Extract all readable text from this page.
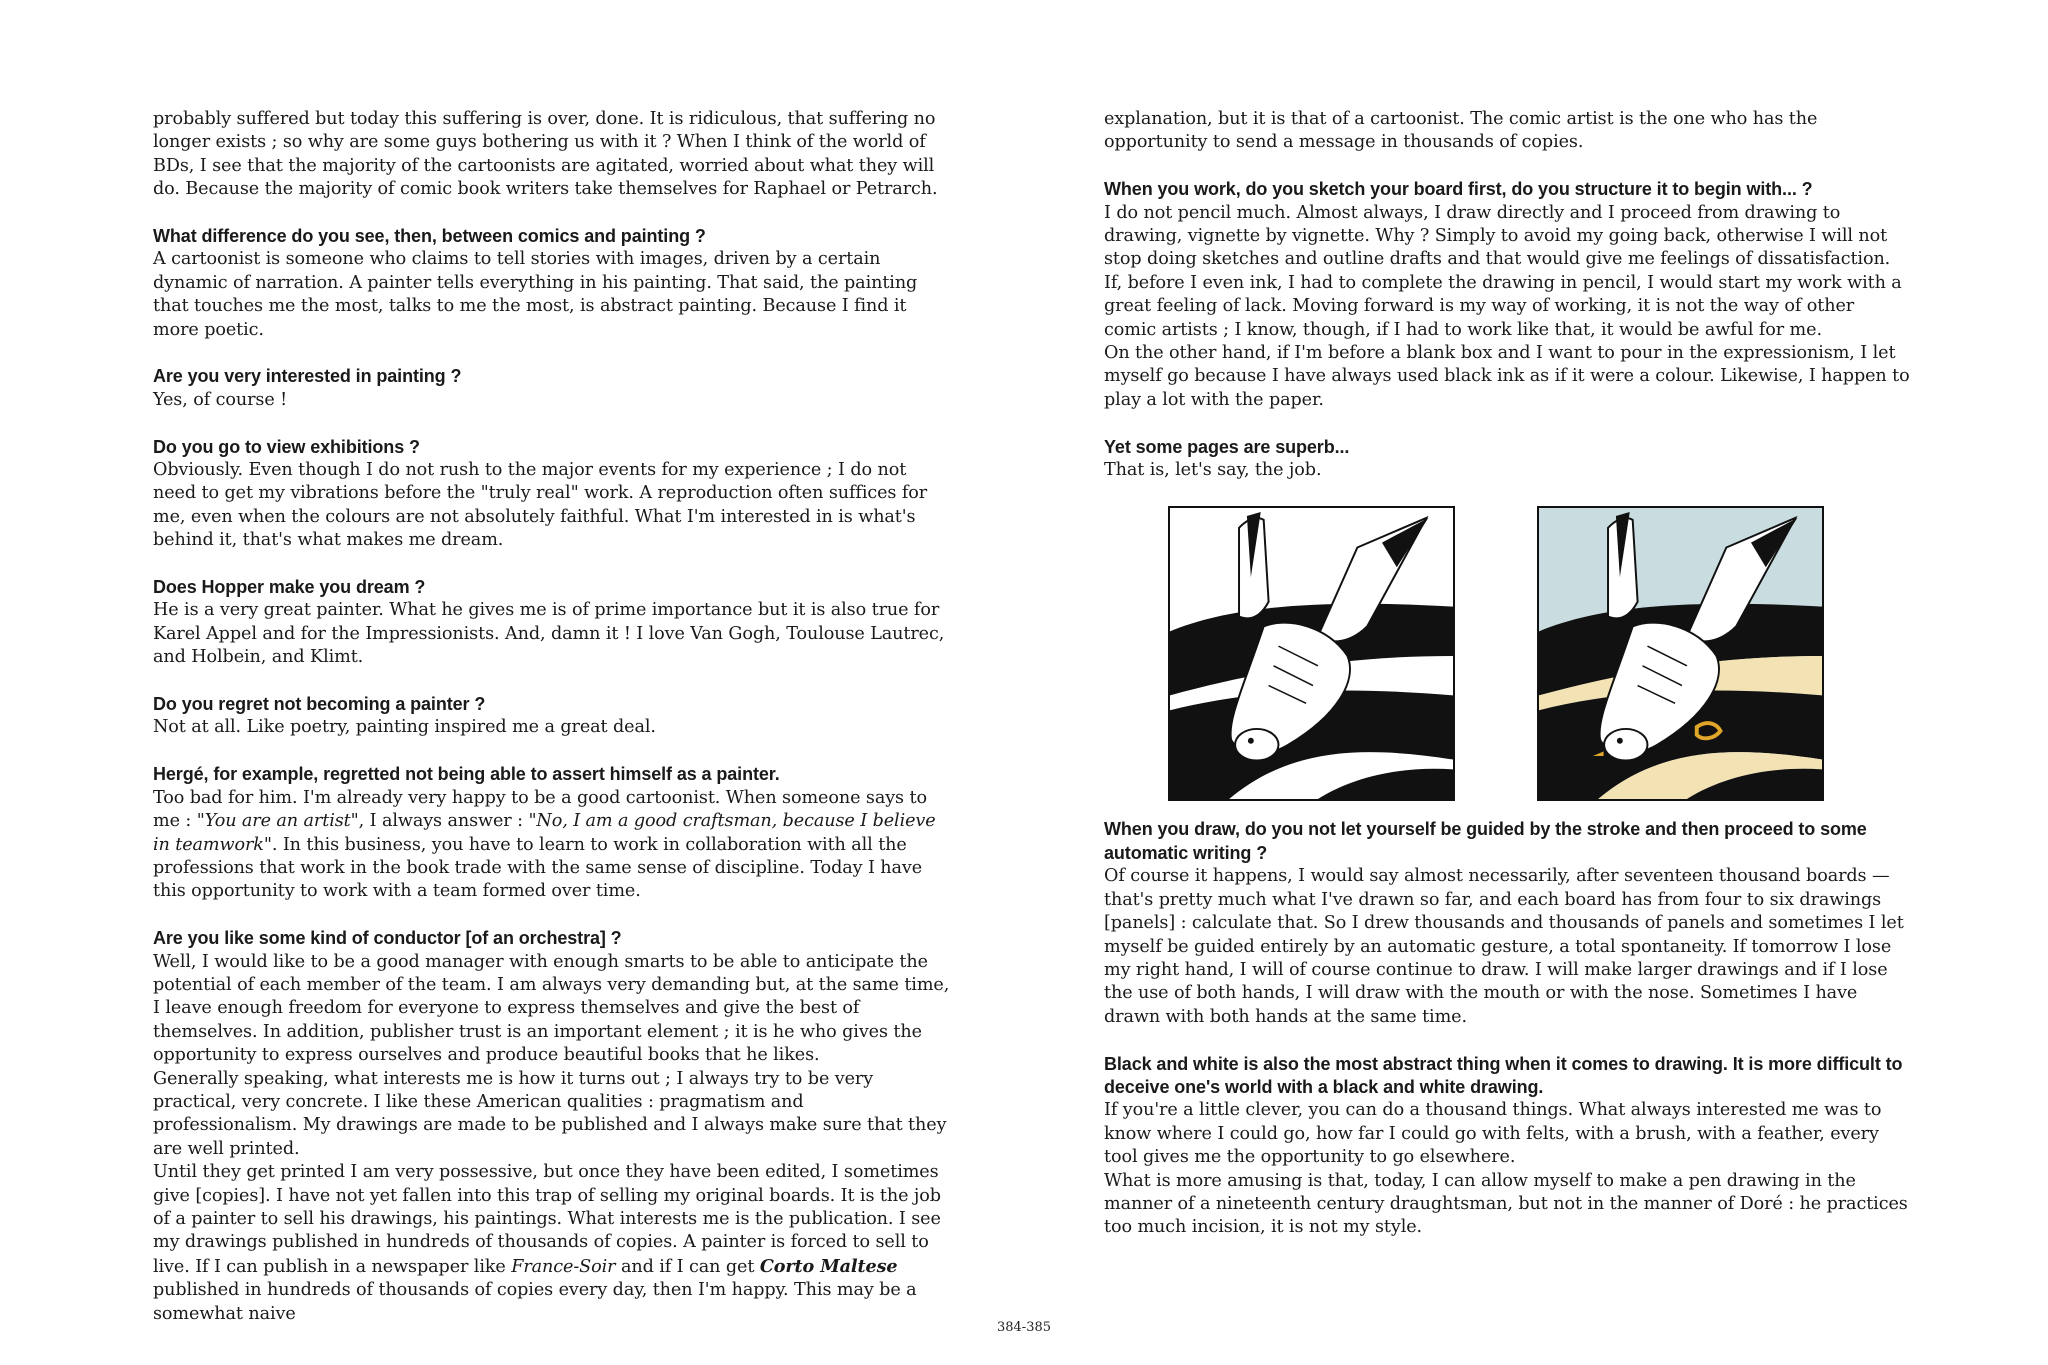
probably suffered but today this suffering is over, done. It is ridiculous, that suffering no longer exists ; so why are some guys bothering us with it ? When I think of the world of BDs, I see that the majority of the cartoonists are agitated, worried about what they will do. Because the majority of comic book writers take themselves for Raphael or Petrarch.

What difference do you see, then, between comics and painting ?

A cartoonist is someone who claims to tell stories with images, driven by a certain dynamic of narration. A painter tells everything in his painting. That said, the painting that touches me the most, talks to me the most, is abstract painting. Because I find it more poetic.

Are you very interested in painting ?

Yes, of course !

Do you go to view exhibitions ?

Obviously. Even though I do not rush to the major events for my experience ; I do not need to get my vibrations before the "truly real" work. A reproduction often suffices for me, even when the colours are not absolutely faithful. What I'm interested in is what's behind it, that's what makes me dream.

Does Hopper make you dream ?

He is a very great painter. What he gives me is of prime importance but it is also true for Karel Appel and for the Impressionists. And, damn it ! I love Van Gogh, Toulouse Lautrec, and Holbein, and Klimt.

Do you regret not becoming a painter ?

Not at all. Like poetry, painting inspired me a great deal.

Hergé, for example, regretted not being able to assert himself as a painter.

Too bad for him. I'm already very happy to be a good cartoonist. When someone says to me : "You are an artist", I always answer : "No, I am a good craftsman, because I believe in teamwork". In this business, you have to learn to work in collaboration with all the professions that work in the book trade with the same sense of discipline. Today I have this opportunity to work with a team formed over time.

Are you like some kind of conductor [of an orchestra] ?

Well, I would like to be a good manager with enough smarts to be able to anticipate the potential of each member of the team. I am always very demanding but, at the same time, I leave enough freedom for everyone to express themselves and give the best of themselves. In addition, publisher trust is an important element ; it is he who gives the opportunity to express ourselves and produce beautiful books that he likes.

Generally speaking, what interests me is how it turns out ; I always try to be very practical, very concrete. I like these American qualities : pragmatism and professionalism. My drawings are made to be published and I always make sure that they are well printed.

Until they get printed I am very possessive, but once they have been edited, I sometimes give [copies]. I have not yet fallen into this trap of selling my original boards. It is the job of a painter to sell his drawings, his paintings. What interests me is the publication. I see my drawings published in hundreds of thousands of copies. A painter is forced to sell to live. If I can publish in a newspaper like France-Soir and if I can get Corto Maltese published in hundreds of thousands of copies every day, then I'm happy. This may be a somewhat naive

explanation, but it is that of a cartoonist. The comic artist is the one who has the opportunity to send a message in thousands of copies.

When you work, do you sketch your board first, do you structure it to begin with... ?

I do not pencil much. Almost always, I draw directly and I proceed from drawing to drawing, vignette by vignette. Why ? Simply to avoid my going back, otherwise I will not stop doing sketches and outline drafts and that would give me feelings of dissatisfaction. If, before I even ink, I had to complete the drawing in pencil, I would start my work with a great feeling of lack. Moving forward is my way of working, it is not the way of other comic artists ; I know, though, if I had to work like that, it would be awful for me.

On the other hand, if I'm before a blank box and I want to pour in the expressionism, I let myself go because I have always used black ink as if it were a colour. Likewise, I happen to play a lot with the paper.

Yet some pages are superb...

That is, let's say, the job.

When you draw, do you not let yourself be guided by the stroke and then proceed to some automatic writing ?

Of course it happens, I would say almost necessarily, after seventeen thousand boards — that's pretty much what I've drawn so far, and each board has from four to six drawings [panels] : calculate that. So I drew thousands and thousands of panels and sometimes I let myself be guided entirely by an automatic gesture, a total spontaneity. If tomorrow I lose my right hand, I will of course continue to draw. I will make larger drawings and if I lose the use of both hands, I will draw with the mouth or with the nose. Sometimes I have drawn with both hands at the same time.

Black and white is also the most abstract thing when it comes to drawing. It is more difficult to deceive one's world with a black and white drawing.

If you're a little clever, you can do a thousand things. What always interested me was to know where I could go, how far I could go with felts, with a brush, with a feather, every tool gives me the opportunity to go elsewhere.

What is more amusing is that, today, I can allow myself to make a pen drawing in the manner of a nineteenth century draughtsman, but not in the manner of Doré : he practices too much incision, it is not my style.

384-385
